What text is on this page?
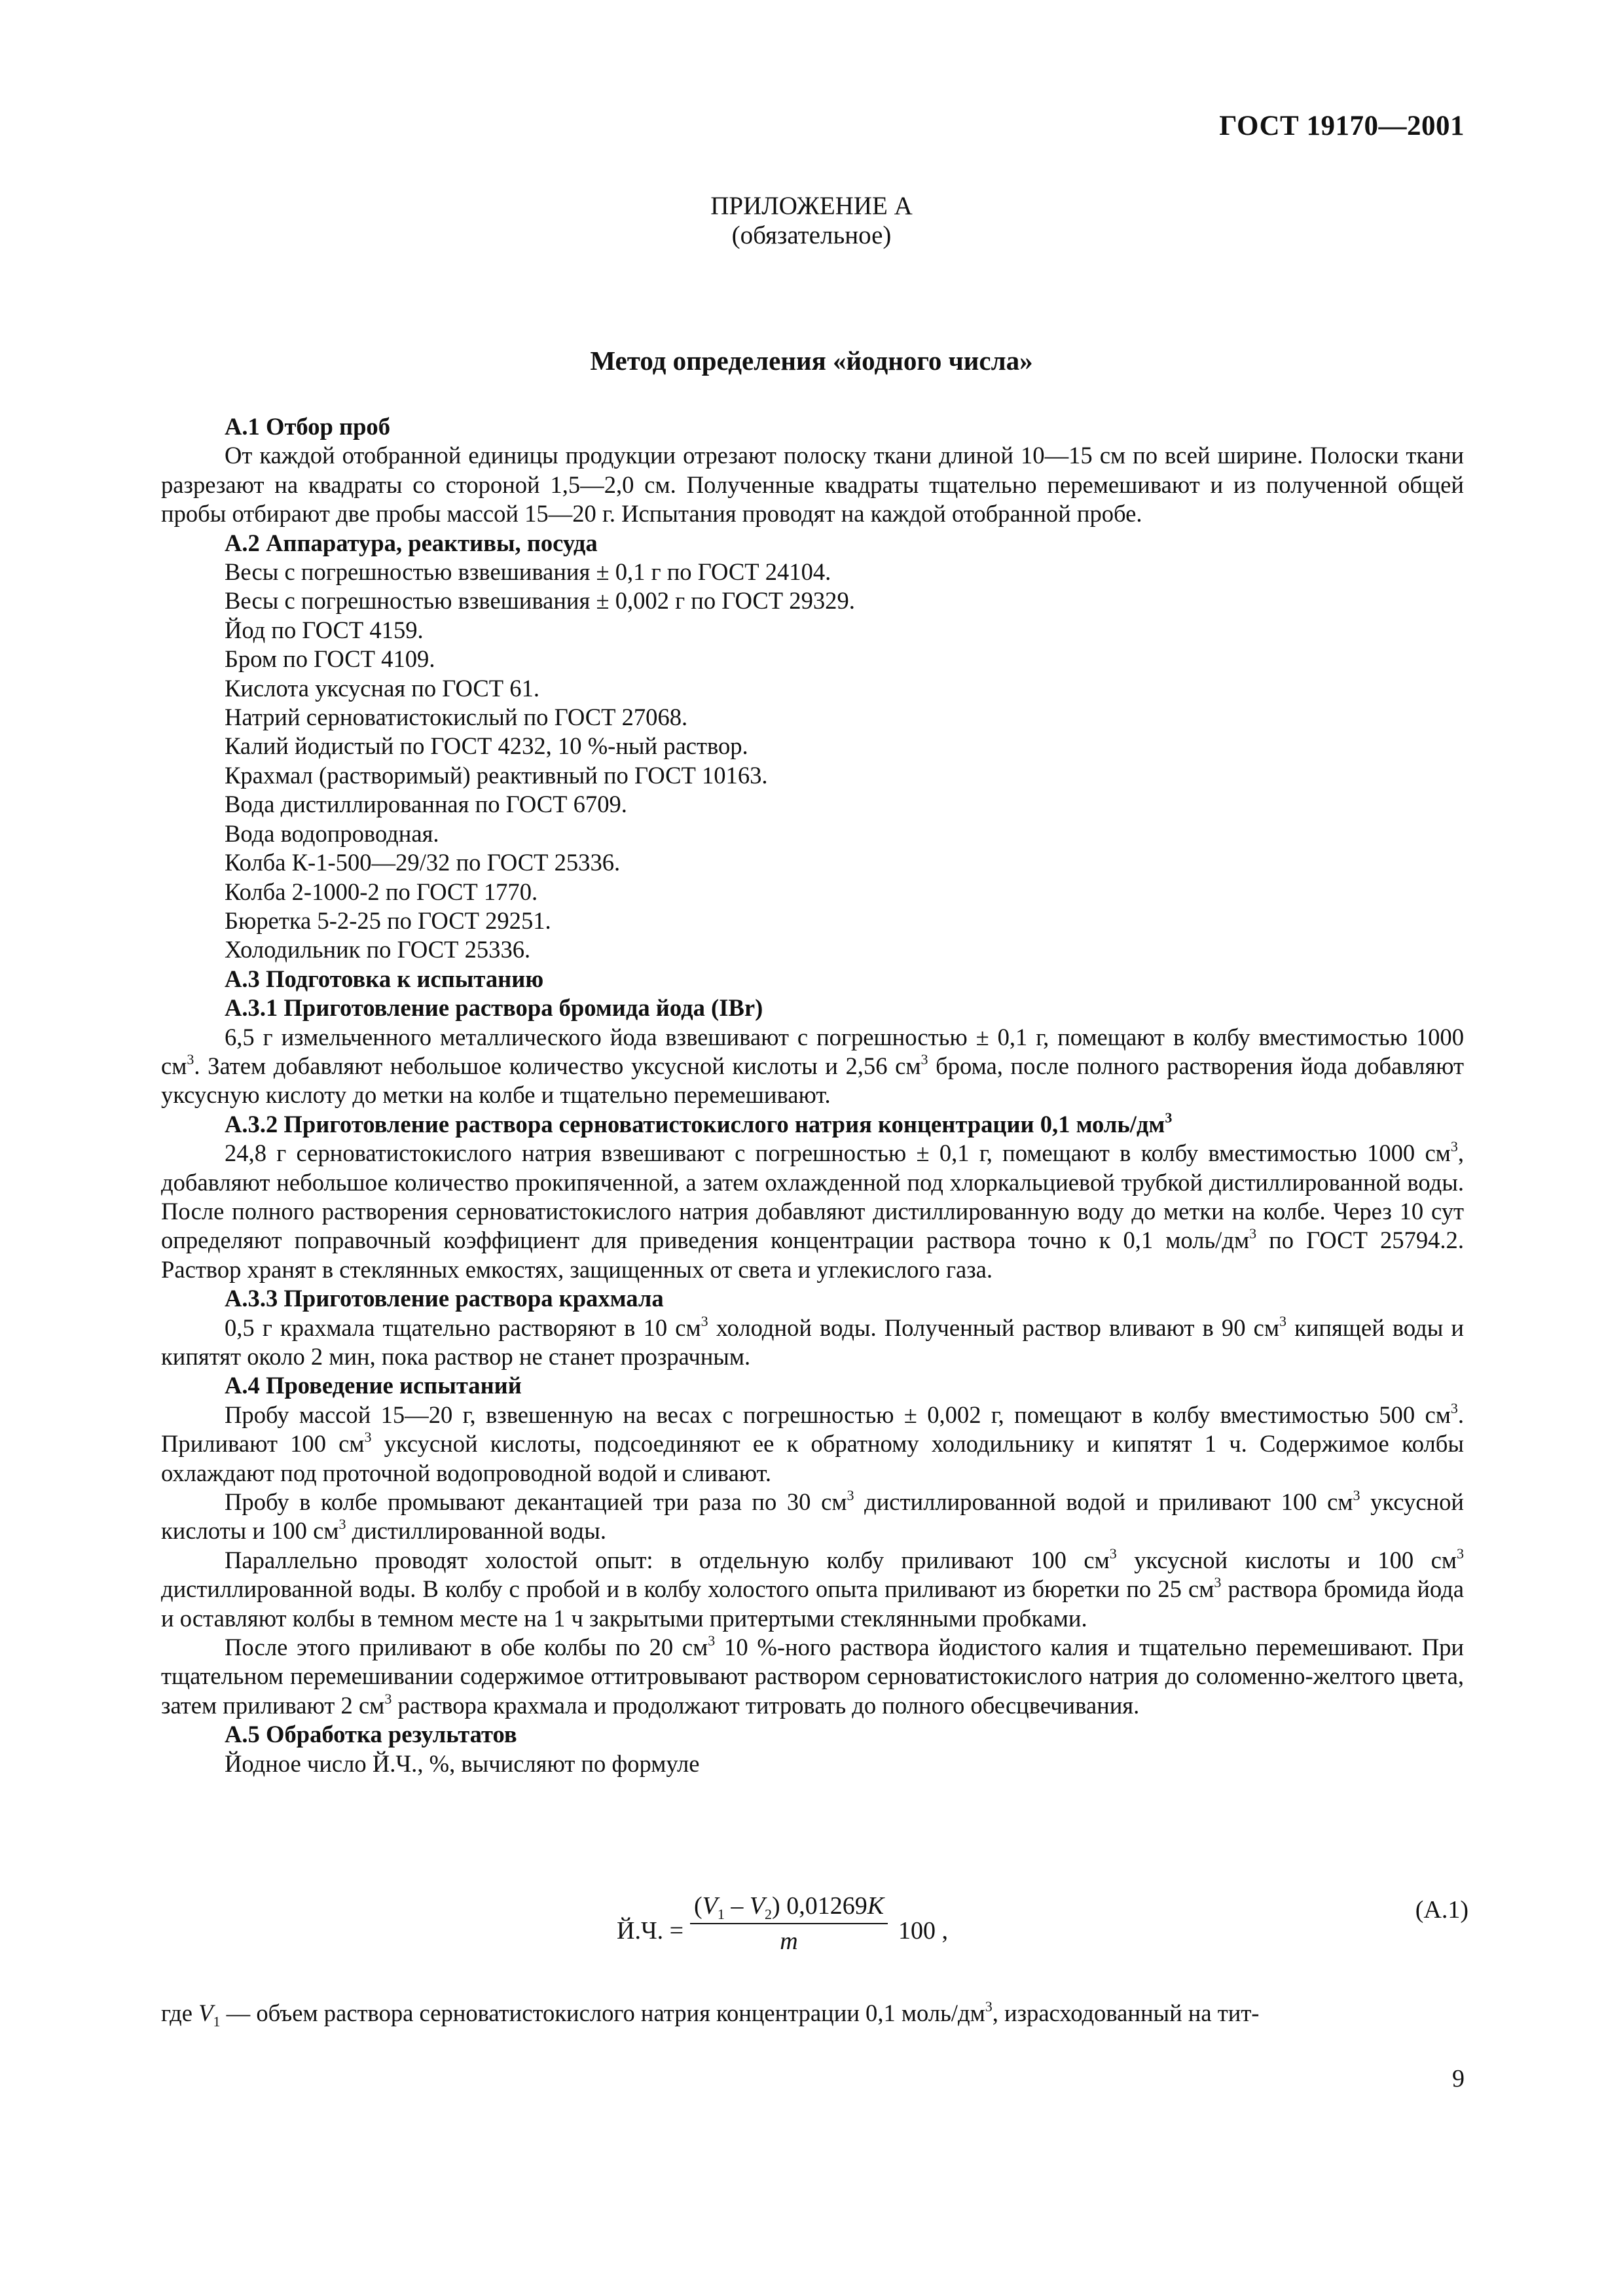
ГОСТ 19170—2001
ПРИЛОЖЕНИЕ А
(обязательное)
Метод определения «йодного числа»

А.1 Отбор проб

От каждой отобранной единицы продукции отрезают полоску ткани длиной 10—15 см по всей ширине. Полоски ткани разрезают на квадраты со стороной 1,5—2,0 см. Полученные квадраты тщательно перемешивают и из полученной общей пробы отбирают две пробы массой 15—20 г. Испытания проводят на каждой отобранной пробе.

А.2 Аппаратура, реактивы, посуда

Весы с погрешностью взвешивания ± 0,1 г по ГОСТ 24104.

Весы с погрешностью взвешивания ± 0,002 г по ГОСТ 29329.

Йод по ГОСТ 4159.

Бром по ГОСТ 4109.

Кислота уксусная по ГОСТ 61.

Натрий серноватистокислый по ГОСТ 27068.

Калий йодистый по ГОСТ 4232, 10 %-ный раствор.

Крахмал (растворимый) реактивный по ГОСТ 10163.

Вода дистиллированная по ГОСТ 6709.

Вода водопроводная.

Колба К-1-500—29/32 по ГОСТ 25336.

Колба 2-1000-2 по ГОСТ 1770.

Бюретка 5-2-25 по ГОСТ 29251.

Холодильник по ГОСТ 25336.

А.3 Подготовка к испытанию

А.3.1 Приготовление раствора бромида йода (IBr)

6,5 г измельченного металлического йода взвешивают с погрешностью ± 0,1 г, помещают в колбу вместимостью 1000 $см^3$. Затем добавляют небольшое количество уксусной кислоты и 2,56 $см^3$ брома, после полного растворения йода добавляют уксусную кислоту до метки на колбе и тщательно перемешивают.

А.3.2 Приготовление раствора серноватистокислого натрия концентрации 0,1 моль/$дм^3$

24,8 г серноватистокислого натрия взвешивают с погрешностью ± 0,1 г, помещают в колбу вместимостью 1000 $см^3$, добавляют небольшое количество прокипяченной, а затем охлажденной под хлоркальциевой трубкой дистиллированной воды. После полного растворения серноватистокислого натрия добавляют дистиллированную воду до метки на колбе. Через 10 сут определяют поправочный коэффициент для приведения концентрации раствора точно к 0,1 моль/$дм^3$ по ГОСТ 25794.2. Раствор хранят в стеклянных емкостях, защищенных от света и углекислого газа.

А.3.3 Приготовление раствора крахмала

0,5 г крахмала тщательно растворяют в 10 $см^3$ холодной воды. Полученный раствор вливают в 90 $см^3$ кипящей воды и кипятят около 2 мин, пока раствор не станет прозрачным.

А.4 Проведение испытаний

Пробу массой 15—20 г, взвешенную на весах с погрешностью ± 0,002 г, помещают в колбу вместимостью 500 $см^3$. Приливают 100 $см^3$ уксусной кислоты, подсоединяют ее к обратному холодильнику и кипятят 1 ч. Содержимое колбы охлаждают под проточной водопроводной водой и сливают.

Пробу в колбе промывают декантацией три раза по 30 $см^3$ дистиллированной водой и приливают 100 $см^3$ уксусной кислоты и 100 $см^3$ дистиллированной воды.

Параллельно проводят холостой опыт: в отдельную колбу приливают 100 $см^3$ уксусной кислоты и 100 $см^3$ дистиллированной воды. В колбу с пробой и в колбу холостого опыта приливают из бюретки по 25 $см^3$ раствора бромида йода и оставляют колбы в темном месте на 1 ч закрытыми притертыми стеклянными пробками.

После этого приливают в обе колбы по 20 $см^3$ 10 %-ного раствора йодистого калия и тщательно перемешивают. При тщательном перемешивании содержимое оттитровывают раствором серноватистокислого натрия до соломенно-желтого цвета, затем приливают 2 $см^3$ раствора крахмала и продолжают титровать до полного обесцвечивания.

А.5 Обработка результатов

Йодное число Й.Ч., %, вычисляют по формуле

Й.Ч. =
$(V_1 - V_2)$ 0,01269K
m	100 ,
(А.1)
где $V_1$ — объем раствора серноватистокислого натрия концентрации 0,1 моль/$дм^3$, израсходованный на тит-
9
